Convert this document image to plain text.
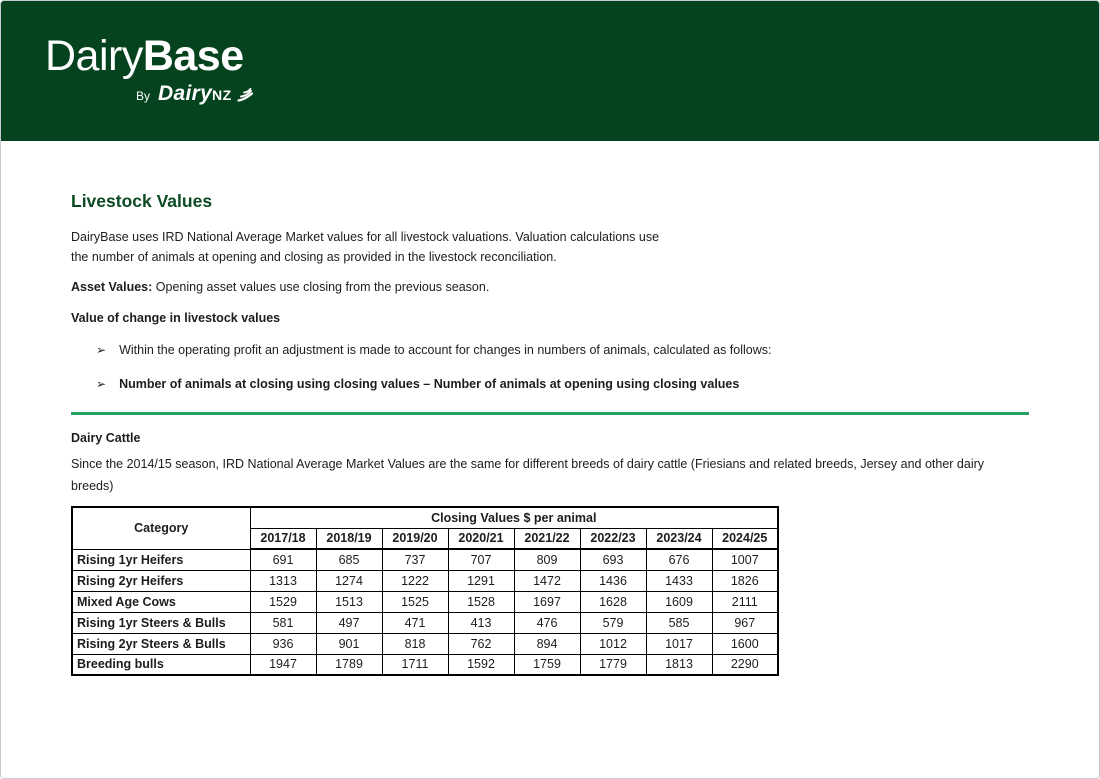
DairyBase
By DairyNZ
Livestock Values

DairyBase uses IRD National Average Market values for all livestock valuations. Valuation calculations use
the number of animals at opening and closing as provided in the livestock reconciliation.

Asset Values: Opening asset values use closing from the previous season.

Value of change in livestock values

➢ Within the operating profit an adjustment is made to account for changes in numbers of animals, calculated as follows:
➢ Number of animals at closing using closing values – Number of animals at opening using closing values

Dairy Cattle

Since the 2014/15 season, IRD National Average Market Values are the same for different breeds of dairy cattle (Friesians and related breeds, Jersey and other dairy
breeds)

Category	Closing Values $ per animal							
	2017/18	2018/19	2019/20	2020/21	2021/22	2022/23	2023/24	2024/25
Rising 1yr Heifers	691	685	737	707	809	693	676	1007
Rising 2yr Heifers	1313	1274	1222	1291	1472	1436	1433	1826
Mixed Age Cows	1529	1513	1525	1528	1697	1628	1609	2111
Rising 1yr Steers & Bulls	581	497	471	413	476	579	585	967
Rising 2yr Steers & Bulls	936	901	818	762	894	1012	1017	1600
Breeding bulls	1947	1789	1711	1592	1759	1779	1813	2290
